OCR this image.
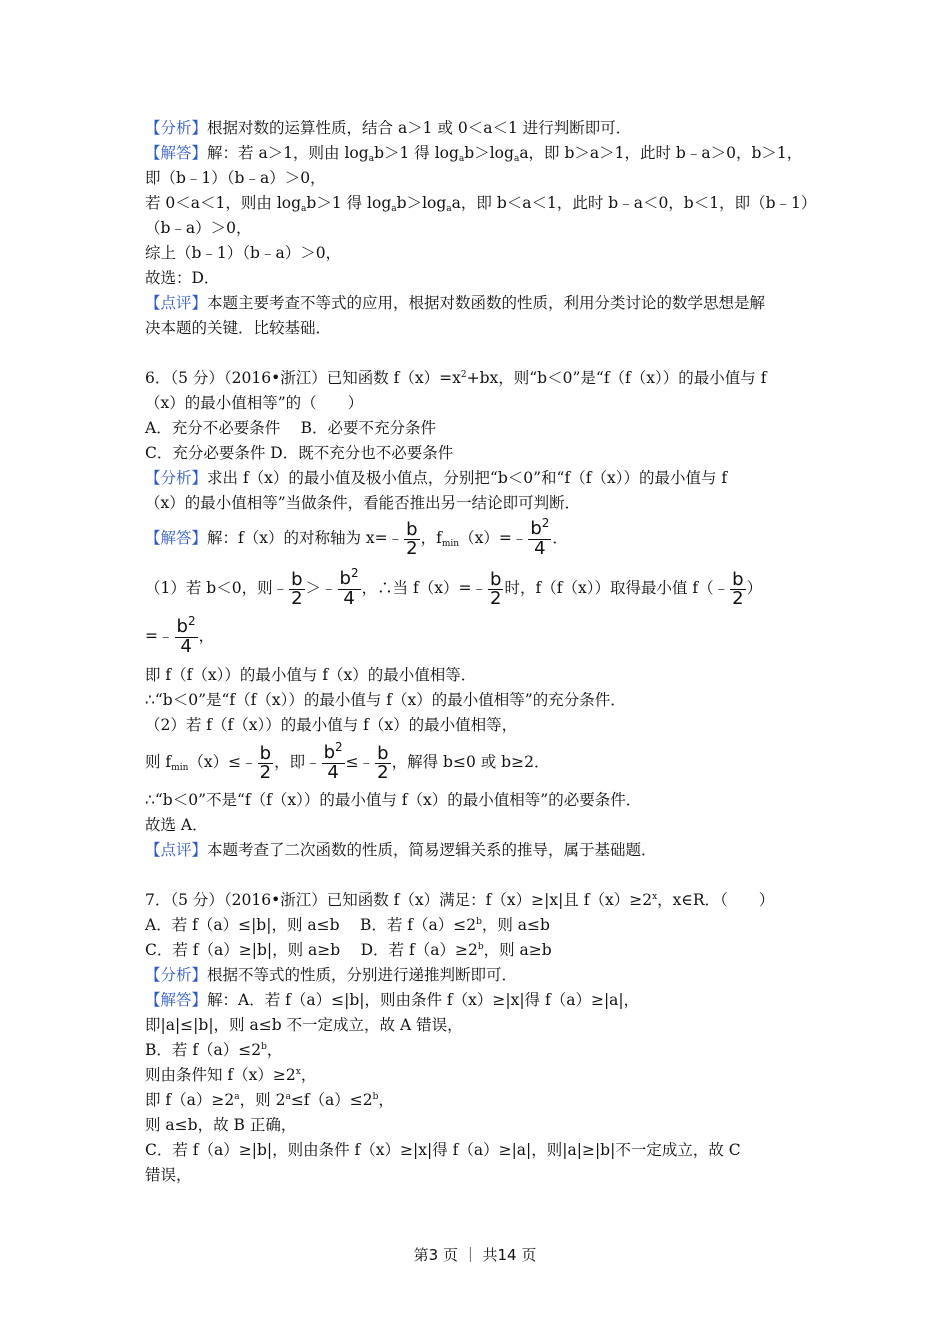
【分析】根据对数的运算性质，结合 a＞1 或 0＜a＜1 进行判断即可．
【解答】解：若 a＞1，则由 logab＞1 得 logab＞logaa，即 b＞a＞1，此时 b﹣a＞0，b＞1，
即（b﹣1）（b﹣a）＞0，
若 0＜a＜1，则由 logab＞1 得 logab＞logaa，即 b＜a＜1，此时 b﹣a＜0，b＜1，即（b﹣1）
（b﹣a）＞0，
综上（b﹣1）（b﹣a）＞0，
故选：D．
【点评】本题主要考查不等式的应用，根据对数函数的性质，利用分类讨论的数学思想是解
决本题的关键．比较基础．
6．（5 分）（2016•浙江）已知函数 $f(x)=x^2+bx$，则“b＜0”是“f（f（x））的最小值与 f
（x）的最小值相等”的（　　）
A．充分不必要条件　 B．必要不充分条件
C．充分必要条件 D．既不充分也不必要条件
【分析】求出 f（x）的最小值及极小值点，分别把“b＜0”和“f（f（x））的最小值与 f
（x）的最小值相等”当做条件，看能否推出另一结论即可判断．
【解答】解：f（x）的对称轴为 x=﹣ $\frac{b}{2}$ ，fmin（x）=﹣ $\frac{b^2}{4}$ ．
（1）若 b＜0，则﹣ $\frac{b}{2}$ ＞﹣ $\frac{b^2}{4}$ ，∴当 f（x）=﹣ $\frac{b}{2}$ 时，f（f（x））取得最小值 f（﹣ $\frac{b}{2}$ ）
=﹣ $\frac{b^2}{4}$ ，
即 f（f（x））的最小值与 f（x）的最小值相等．
∴“b＜0”是“f（f（x））的最小值与 f（x）的最小值相等”的充分条件．
（2）若 f（f（x））的最小值与 f（x）的最小值相等，
则 fmin（x）≤﹣ $\frac{b}{2}$ ，即﹣ $\frac{b^2}{4}$ ≤﹣ $\frac{b}{2}$ ，解得 b≤0 或 b≥2．
∴“b＜0”不是“f（f（x））的最小值与 f（x）的最小值相等”的必要条件．
故选 A．
【点评】本题考查了二次函数的性质，简易逻辑关系的推导，属于基础题．
7．（5 分）（2016•浙江）已知函数 f（x）满足：f（x）≥|x|且 $f(x)\ge 2^x$，x∈R．（　　）
A．若 f（a）≤|b|，则 a≤b　 B．若 $f(a)\le 2^b$，则 a≤b
C．若 f（a）≥|b|，则 a≥b　 D．若 $f(a)\ge 2^b$，则 a≥b
【分析】根据不等式的性质，分别进行递推判断即可．
【解答】解：A．若 f（a）≤|b|，则由条件 f（x）≥|x|得 f（a）≥|a|，
即|a|≤|b|，则 a≤b 不一定成立，故 A 错误，
B．若 $f(a)\le 2^b$，
则由条件知 $f(x)\ge 2^x$，
即 $f(a)\ge 2^a$，则 $2^a\le f(a)\le 2^b$，
则 a≤b，故 B 正确，
C．若 f（a）≥|b|，则由条件 f（x）≥|x|得 f（a）≥|a|，则|a|≥|b|不一定成立，故 C
错误，
第3 页 ｜ 共14 页
